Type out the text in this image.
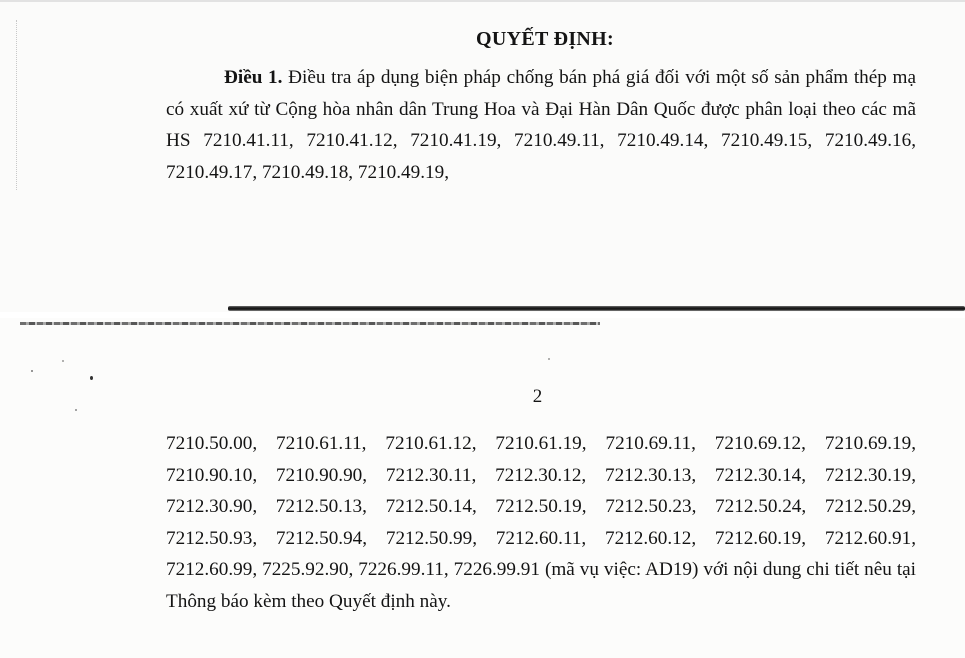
QUYẾT ĐỊNH:
Điều 1. Điều tra áp dụng biện pháp chống bán phá giá đối với một số sản phẩm thép mạ có xuất xứ từ Cộng hòa nhân dân Trung Hoa và Đại Hàn Dân Quốc được phân loại theo các mã HS 7210.41.11, 7210.41.12, 7210.41.19, 7210.49.11, 7210.49.14, 7210.49.15, 7210.49.16, 7210.49.17, 7210.49.18, 7210.49.19,
2
7210.50.00, 7210.61.11, 7210.61.12, 7210.61.19, 7210.69.11, 7210.69.12, 7210.69.19, 7210.90.10, 7210.90.90, 7212.30.11, 7212.30.12, 7212.30.13, 7212.30.14, 7212.30.19, 7212.30.90, 7212.50.13, 7212.50.14, 7212.50.19, 7212.50.23, 7212.50.24, 7212.50.29, 7212.50.93, 7212.50.94, 7212.50.99, 7212.60.11, 7212.60.12, 7212.60.19, 7212.60.91, 7212.60.99, 7225.92.90, 7226.99.11, 7226.99.91 (mã vụ việc: AD19) với nội dung chi tiết nêu tại Thông báo kèm theo Quyết định này.
